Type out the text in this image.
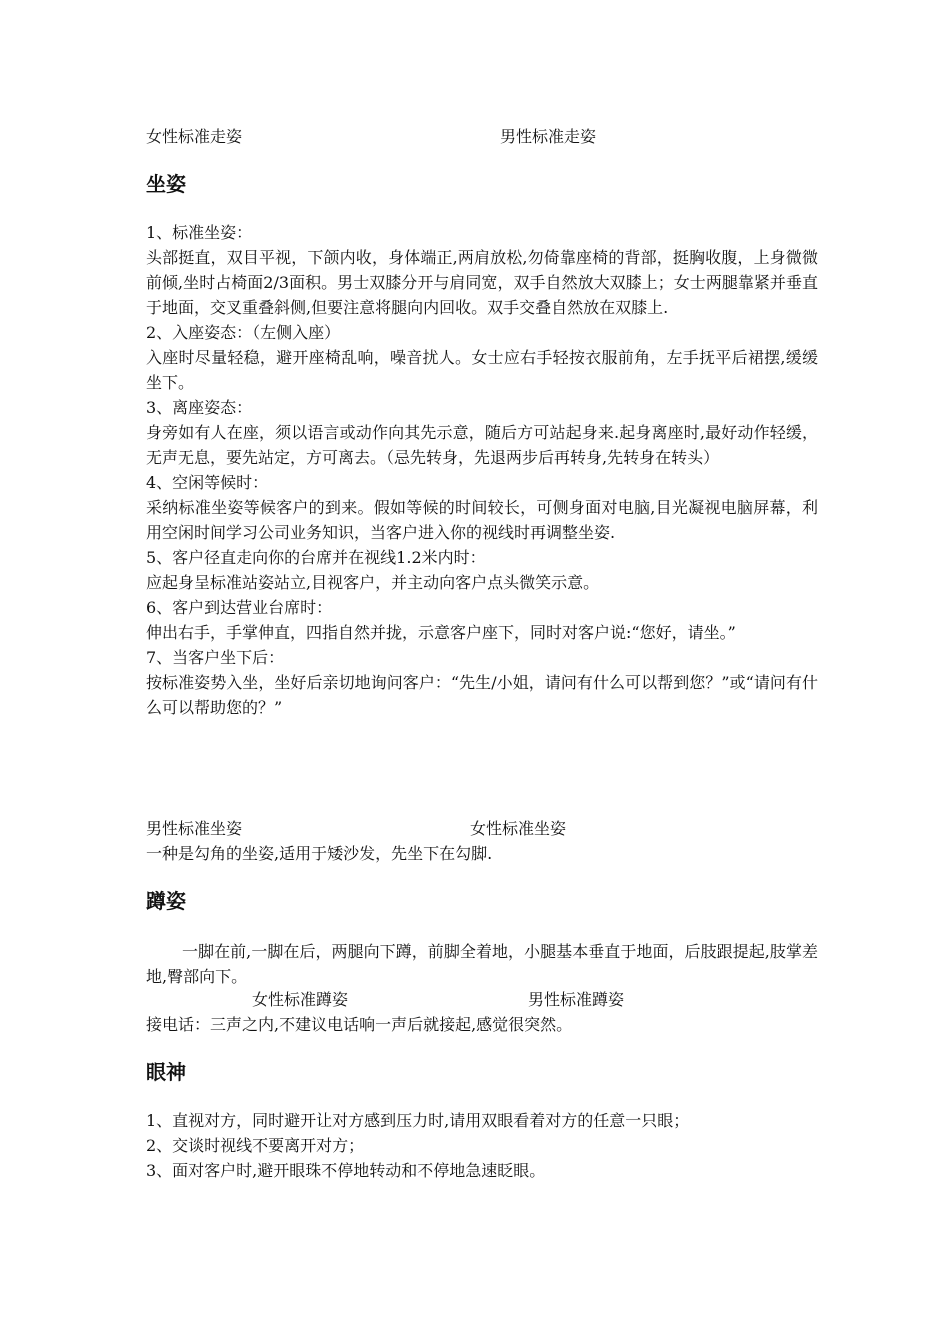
女性标准走姿	男性标准走姿
坐姿
1、标准坐姿：
头部挺直，双目平视，下颌内收，身体端正,两肩放松,勿倚靠座椅的背部，挺胸收腹，上身微微前倾,坐时占椅面2/3面积。男士双膝分开与肩同宽，双手自然放大双膝上；女士两腿靠紧并垂直于地面，交叉重叠斜侧,但要注意将腿向内回收。双手交叠自然放在双膝上.
2、入座姿态：（左侧入座）
入座时尽量轻稳，避开座椅乱响，噪音扰人。女士应右手轻按衣服前角，左手抚平后裙摆,缓缓坐下。
3、离座姿态：
身旁如有人在座，须以语言或动作向其先示意，随后方可站起身来.起身离座时,最好动作轻缓，无声无息，要先站定，方可离去。（忌先转身，先退两步后再转身,先转身在转头）
4、空闲等候时：
采纳标准坐姿等候客户的到来。假如等候的时间较长，可侧身面对电脑,目光凝视电脑屏幕，利用空闲时间学习公司业务知识，当客户进入你的视线时再调整坐姿.
5、客户径直走向你的台席并在视线1.2米内时：
应起身呈标准站姿站立,目视客户，并主动向客户点头微笑示意。
6、客户到达营业台席时：
伸出右手，手掌伸直，四指自然并拢，示意客户座下，同时对客户说:“您好，请坐。”
7、当客户坐下后：
按标准姿势入坐，坐好后亲切地询问客户：“先生/小姐，请问有什么可以帮到您？”或“请问有什么可以帮助您的？”
男性标准坐姿	女性标准坐姿
一种是勾角的坐姿,适用于矮沙发，先坐下在勾脚.
蹲姿
一脚在前,一脚在后，两腿向下蹲，前脚全着地，小腿基本垂直于地面，后肢跟提起,肢掌差地,臀部向下。
女性标准蹲姿	男性标准蹲姿
接电话：三声之内,不建议电话响一声后就接起,感觉很突然。
眼神
1、直视对方，同时避开让对方感到压力时,请用双眼看着对方的任意一只眼；
2、交谈时视线不要离开对方；
3、面对客户时,避开眼珠不停地转动和不停地急速眨眼。
